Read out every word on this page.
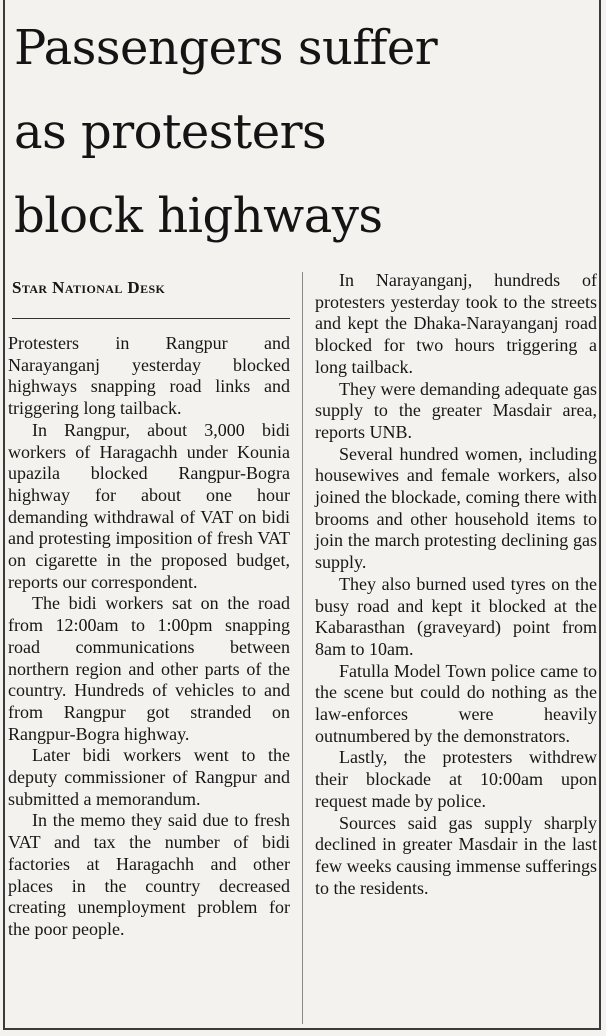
Passengers suffer
as protesters
block highways
Star National Desk

Protesters in Rangpur and Narayanganj yesterday blocked highways snapping road links and triggering long tailback.

In Rangpur, about 3,000 bidi workers of Haragachh under Kounia upazila blocked Rangpur-Bogra highway for about one hour demanding withdrawal of VAT on bidi and protesting imposition of fresh VAT on cigarette in the proposed budget, reports our correspondent.

The bidi workers sat on the road from 12:00am to 1:00pm snapping road communications between northern region and other parts of the country. Hundreds of vehicles to and from Rangpur got stranded on Rangpur-Bogra highway.

Later bidi workers went to the deputy commissioner of Rangpur and submitted a memorandum.

In the memo they said due to fresh VAT and tax the number of bidi factories at Haragachh and other places in the country decreased creating unemployment problem for the poor people.

In Narayanganj, hundreds of protesters yesterday took to the streets and kept the Dhaka-Narayanganj road blocked for two hours triggering a long tailback.

They were demanding adequate gas supply to the greater Masdair area, reports UNB.

Several hundred women, including housewives and female workers, also joined the blockade, coming there with brooms and other household items to join the march protesting declining gas supply.

They also burned used tyres on the busy road and kept it blocked at the Kabarasthan (graveyard) point from 8am to 10am.

Fatulla Model Town police came to the scene but could do nothing as the law-enforces were heavily outnumbered by the demonstrators.

Lastly, the protesters withdrew their blockade at 10:00am upon request made by police.

Sources said gas supply sharply declined in greater Masdair in the last few weeks causing immense sufferings to the residents.
